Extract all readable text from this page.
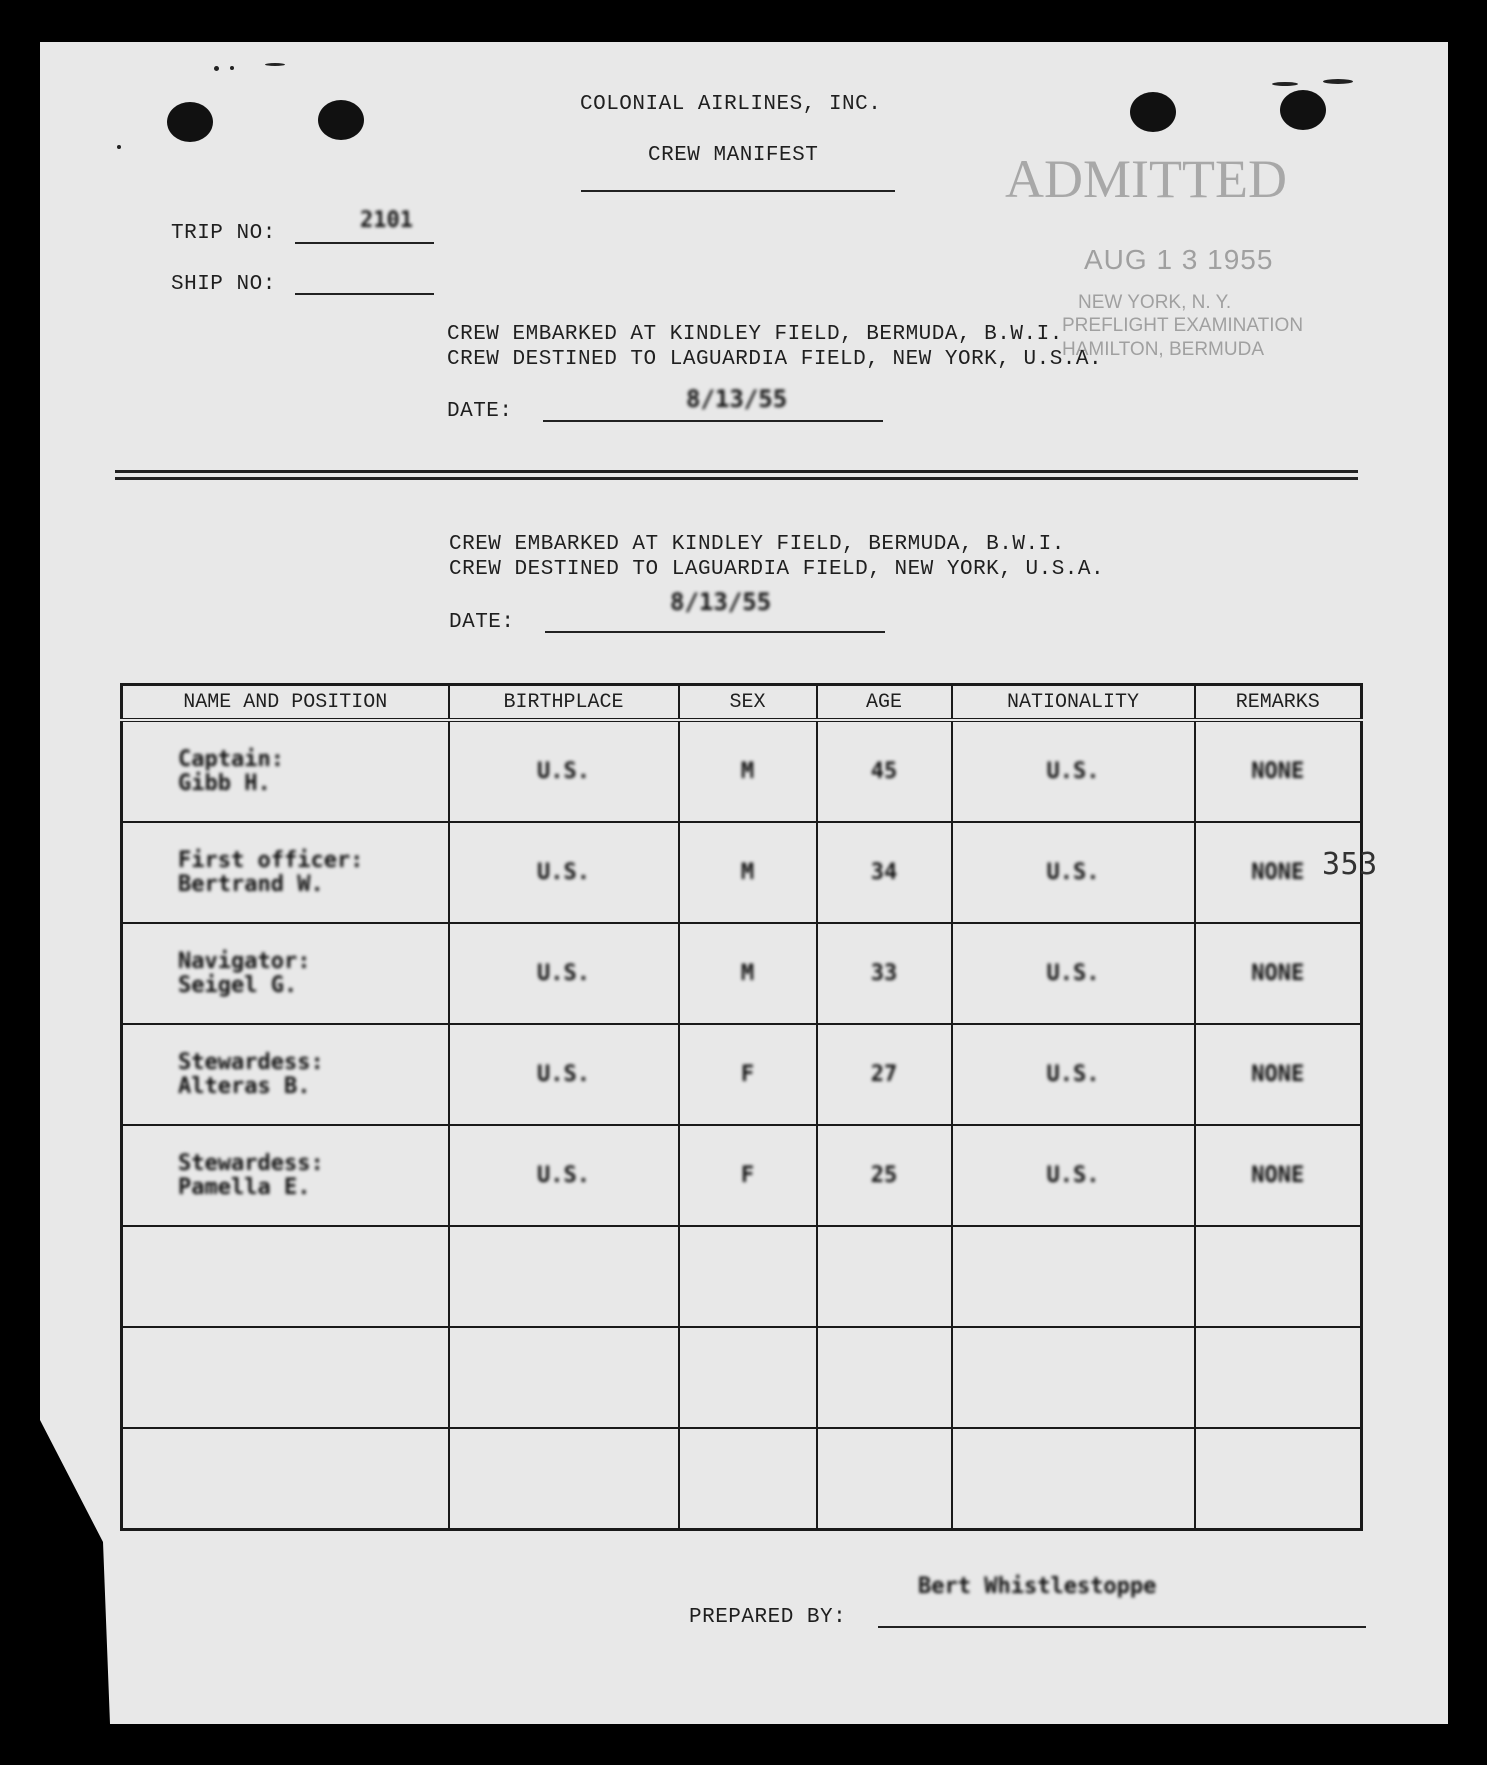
COLONIAL AIRLINES, INC.
CREW MANIFEST
TRIP NO:
2101
SHIP NO:
ADMITTED
AUG 1 3 1955
NEW YORK, N. Y.
PREFLIGHT EXAMINATION
HAMILTON, BERMUDA
CREW EMBARKED AT KINDLEY FIELD, BERMUDA, B.W.I.
CREW DESTINED TO LAGUARDIA FIELD, NEW YORK, U.S.A.
DATE:	8/13/55
CREW EMBARKED AT KINDLEY FIELD, BERMUDA, B.W.I.
CREW DESTINED TO LAGUARDIA FIELD, NEW YORK, U.S.A.
DATE:
8/13/55
NAME AND POSITION	BIRTHPLACE	SEX	AGE	NATIONALITY	REMARKS

Captain:
Gibb H.	U.S.	M	45	U.S.	NONE

First officer:
Bertrand W.	U.S.	M	34	U.S.	NONE

Navigator:
Seigel G.	U.S.	M	33	U.S.	NONE

Stewardess:
Alteras B.	U.S.	F	27	U.S.	NONE

Stewardess:
Pamella E.	U.S.	F	25	U.S.	NONE

353
PREPARED BY:
Bert Whistlestoppe
